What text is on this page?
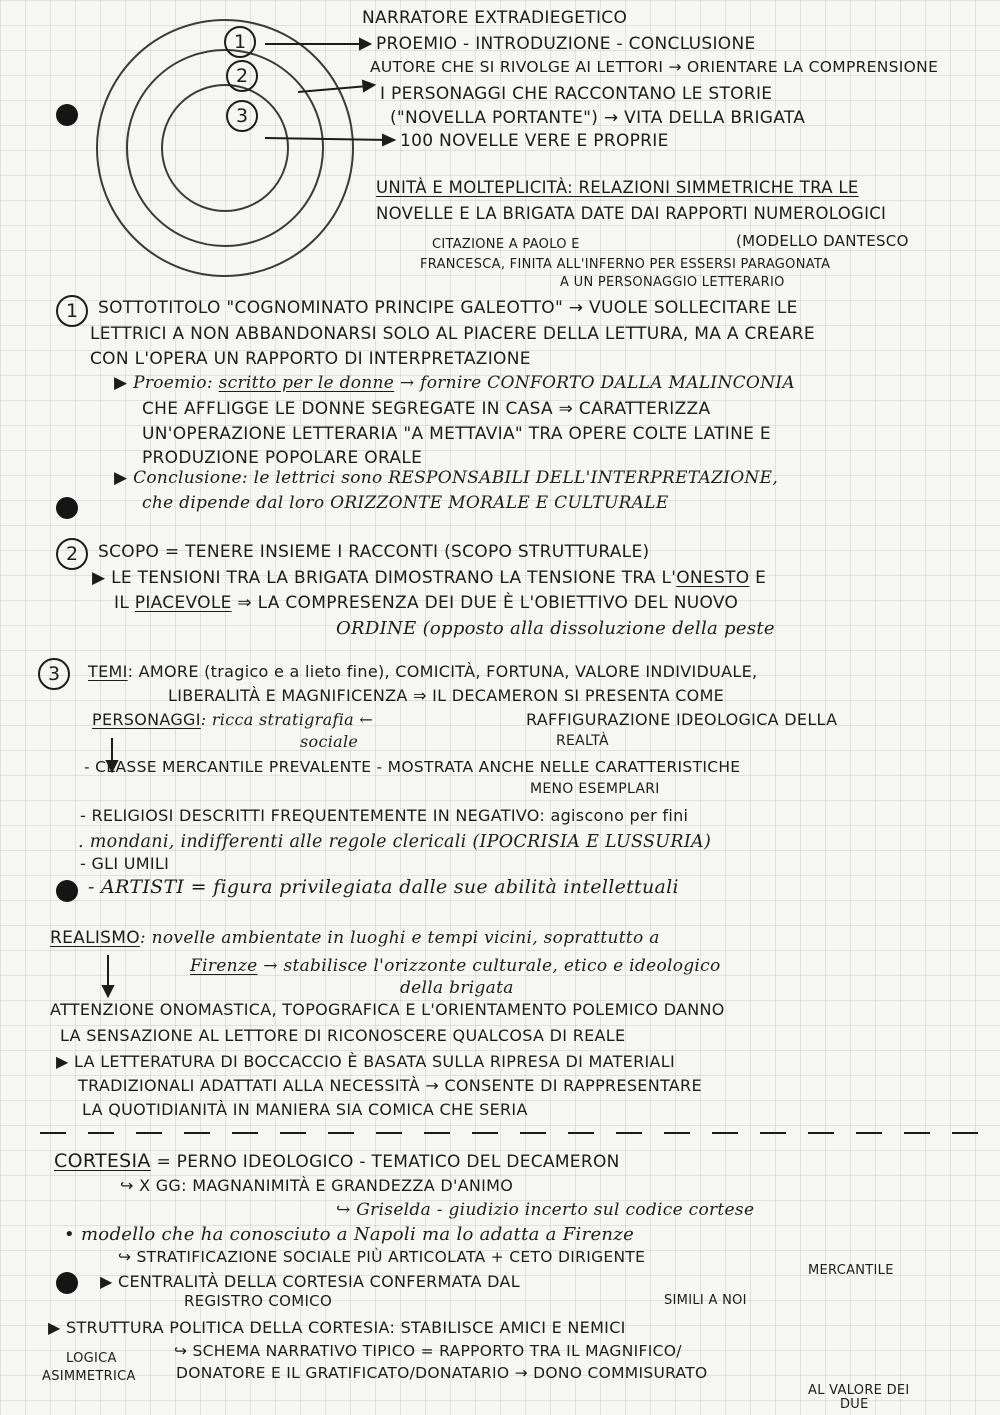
1
2
3
NARRATORE EXTRADIEGETICO
PROEMIO - INTRODUZIONE - CONCLUSIONE
AUTORE CHE SI RIVOLGE AI LETTORI → ORIENTARE LA COMPRENSIONE
I PERSONAGGI CHE RACCONTANO LE STORIE
("NOVELLA PORTANTE") → VITA DELLA BRIGATA
100 NOVELLE VERE E PROPRIE
UNITÀ E MOLTEPLICITÀ: RELAZIONI SIMMETRICHE TRA LE
NOVELLE E LA BRIGATA DATE DAI RAPPORTI NUMEROLOGICI
CITAZIONE A PAOLO E	(MODELLO DANTESCO
FRANCESCA, FINITA ALL'INFERNO PER ESSERSI PARAGONATA
A UN PERSONAGGIO LETTERARIO
1	SOTTOTITOLO "COGNOMINATO PRINCIPE GALEOTTO" → VUOLE SOLLECITARE LE
LETTRICI A NON ABBANDONARSI SOLO AL PIACERE DELLA LETTURA, MA A CREARE
CON L'OPERA UN RAPPORTO DI INTERPRETAZIONE
▶ Proemio: scritto per le donne → fornire CONFORTO DALLA MALINCONIA
CHE AFFLIGGE LE DONNE SEGREGATE IN CASA ⇒ CARATTERIZZA
UN'OPERAZIONE LETTERARIA "A METTAVIA" TRA OPERE COLTE LATINE E
PRODUZIONE POPOLARE ORALE
▶ Conclusione: le lettrici sono RESPONSABILI DELL'INTERPRETAZIONE,
che dipende dal loro ORIZZONTE MORALE E CULTURALE
2	SCOPO = TENERE INSIEME I RACCONTI (SCOPO STRUTTURALE)
▶ LE TENSIONI TRA LA BRIGATA DIMOSTRANO LA TENSIONE TRA L'ONESTO E
IL PIACEVOLE ⇒ LA COMPRESENZA DEI DUE È L'OBIETTIVO DEL NUOVO
ORDINE (opposto alla dissoluzione della peste
3	TEMI: AMORE (tragico e a lieto fine), COMICITÀ, FORTUNA, VALORE INDIVIDUALE,
LIBERALITÀ E MAGNIFICENZA ⇒ IL DECAMERON SI PRESENTA COME
PERSONAGGI: ricca stratigrafia ←	RAFFIGURAZIONE IDEOLOGICA DELLA
sociale	REALTÀ
- CLASSE MERCANTILE PREVALENTE - MOSTRATA ANCHE NELLE CARATTERISTICHE
MENO ESEMPLARI
- RELIGIOSI DESCRITTI FREQUENTEMENTE IN NEGATIVO: agiscono per fini
. mondani, indifferenti alle regole clericali (IPOCRISIA E LUSSURIA)
- GLI UMILI
- ARTISTI = figura privilegiata dalle sue abilità intellettuali
REALISMO: novelle ambientate in luoghi e tempi vicini, soprattutto a
Firenze → stabilisce l'orizzonte culturale, etico e ideologico
della brigata
ATTENZIONE ONOMASTICA, TOPOGRAFICA E L'ORIENTAMENTO POLEMICO DANNO
LA SENSAZIONE AL LETTORE DI RICONOSCERE QUALCOSA DI REALE
▶ LA LETTERATURA DI BOCCACCIO È BASATA SULLA RIPRESA DI MATERIALI
TRADIZIONALI ADATTATI ALLA NECESSITÀ → CONSENTE DI RAPPRESENTARE
LA QUOTIDIANITÀ IN MANIERA SIA COMICA CHE SERIA
CORTESIA = PERNO IDEOLOGICO - TEMATICO DEL DECAMERON
↪ X GG: MAGNANIMITÀ E GRANDEZZA D'ANIMO
↪ Griselda - giudizio incerto sul codice cortese
• modello che ha conosciuto a Napoli ma lo adatta a Firenze
↪ STRATIFICAZIONE SOCIALE PIÙ ARTICOLATA + CETO DIRIGENTE
MERCANTILE
▶ CENTRALITÀ DELLA CORTESIA CONFERMATA DAL
REGISTRO COMICO	SIMILI A NOI
▶ STRUTTURA POLITICA DELLA CORTESIA: STABILISCE AMICI E NEMICI
LOGICA
ASIMMETRICA
↪ SCHEMA NARRATIVO TIPICO = RAPPORTO TRA IL MAGNIFICO/
DONATORE E IL GRATIFICATO/DONATARIO → DONO COMMISURATO
AL VALORE DEI
DUE
